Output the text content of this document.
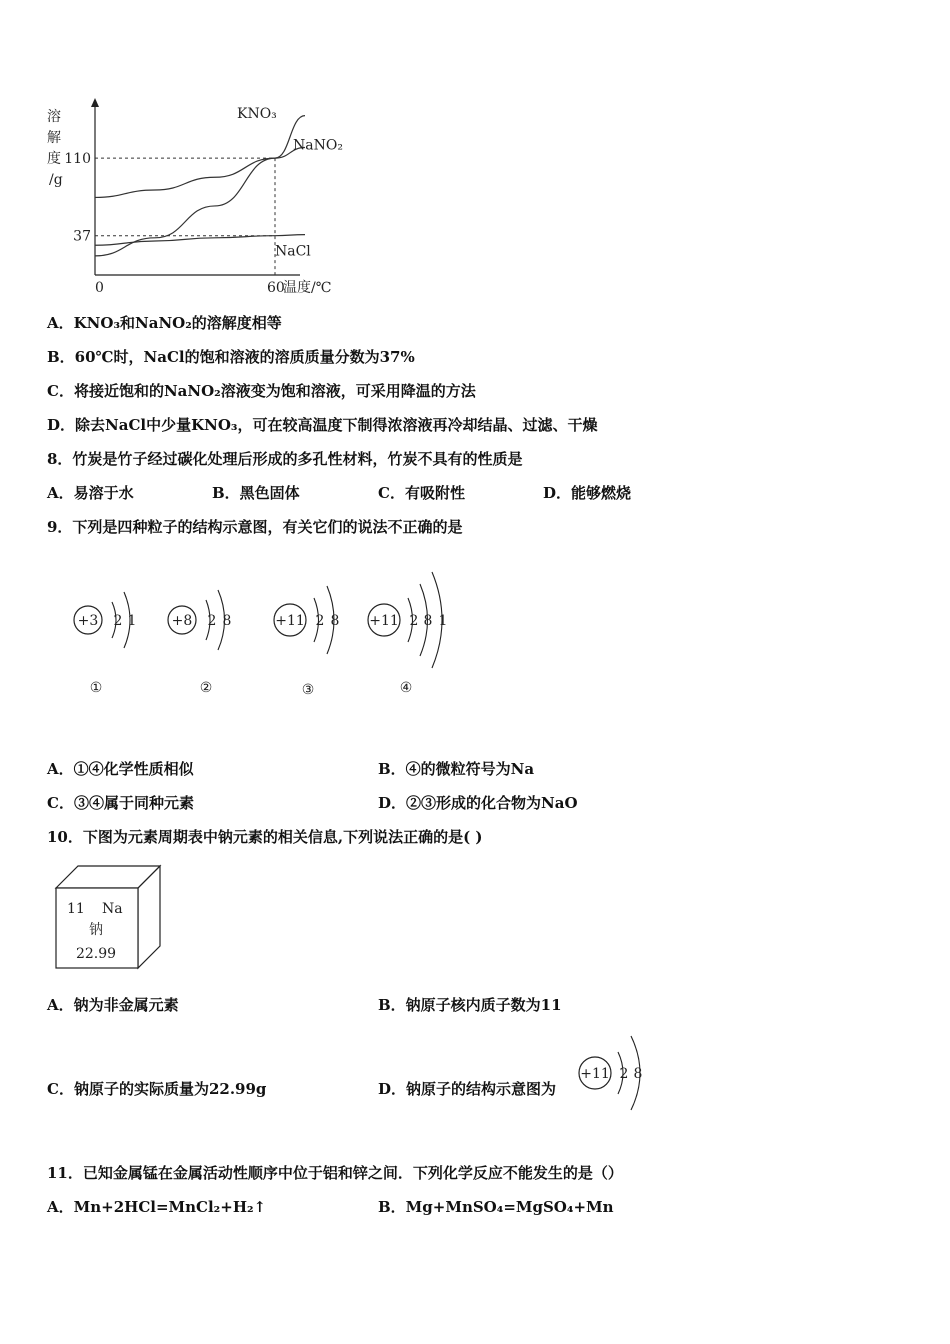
溶
解
度
/g
KNO₃
NaNO₂
NaCl
37
110
0	60
温度/℃
A．KNO₃和NaNO₂的溶解度相等
B．60℃时，NaCl的饱和溶液的溶质质量分数为37%
C．将接近饱和的NaNO₂溶液变为饱和溶液，可采用降温的方法
D．除去NaCl中少量KNO₃，可在较高温度下制得浓溶液再冷却结晶、过滤、干燥
8．竹炭是竹子经过碳化处理后形成的多孔性材料，竹炭不具有的性质是
A．易溶于水	B．黑色固体	C．有吸附性	D．能够燃烧
9．下列是四种粒子的结构示意图，有关它们的说法不正确的是
+3 2 1
①
+8 2 8
②
+11 2 8
③
+11 2 8 1
④
A．①④化学性质相似	B．④的微粒符号为Na
C．③④属于同种元素	D．②③形成的化合物为NaO
10．下图为元素周期表中钠元素的相关信息,下列说法正确的是( )
11 Na
钠
22.99
A．钠为非金属元素	B．钠原子核内质子数为11
C．钠原子的实际质量为22.99g	D．钠原子的结构示意图为
+11 2 8
11．已知金属锰在金属活动性顺序中位于铝和锌之间．下列化学反应不能发生的是（）
A．Mn+2HCl=MnCl₂+H₂↑	B．Mg+MnSO₄=MgSO₄+Mn
